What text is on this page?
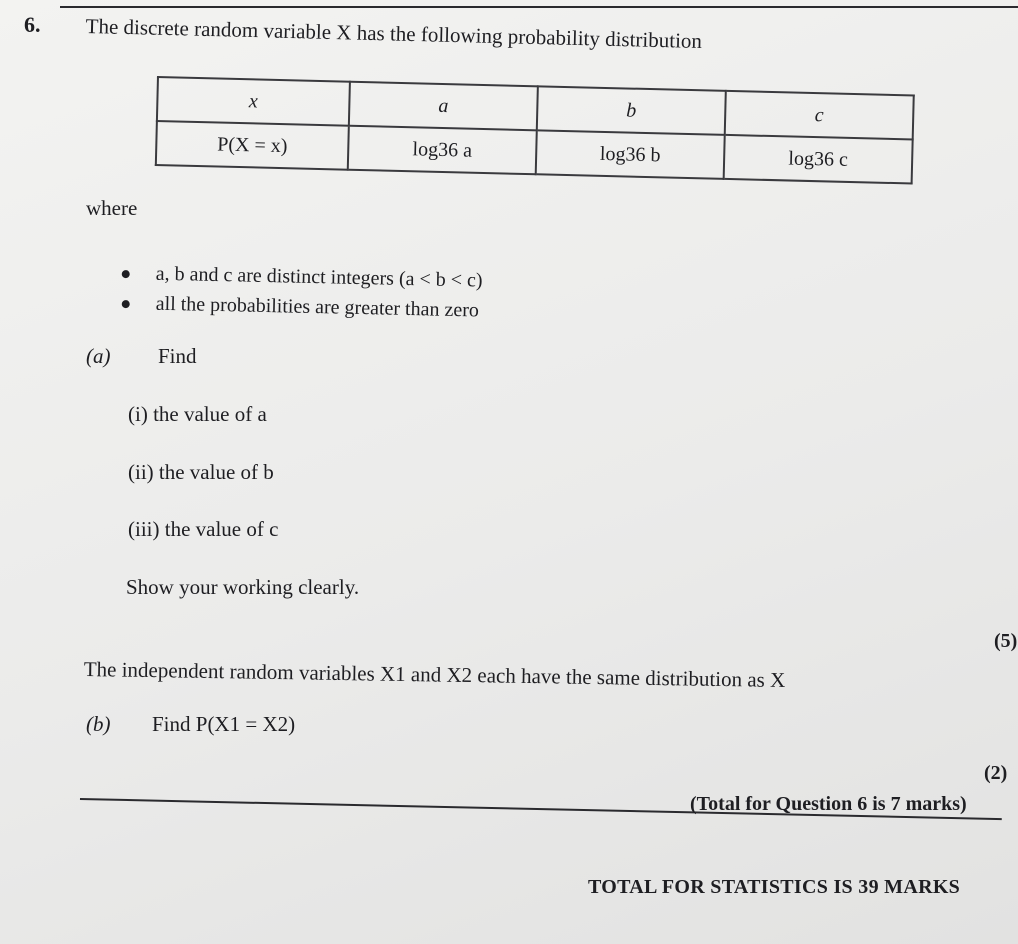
6. The discrete random variable X has the following probability distribution
x	a	b	c
P(X = x)	log36 a	log36 b	log36 c
where
a, b and c are distinct integers (a < b < c)
all the probabilities are greater than zero
(a) Find
(i) the value of a
(ii) the value of b
(iii) the value of c
Show your working clearly.
(5)
The independent random variables X1 and X2 each have the same distribution as X
(b) Find P(X1 = X2)
(2)
(Total for Question 6 is 7 marks)
TOTAL FOR STATISTICS IS 39 MARKS
